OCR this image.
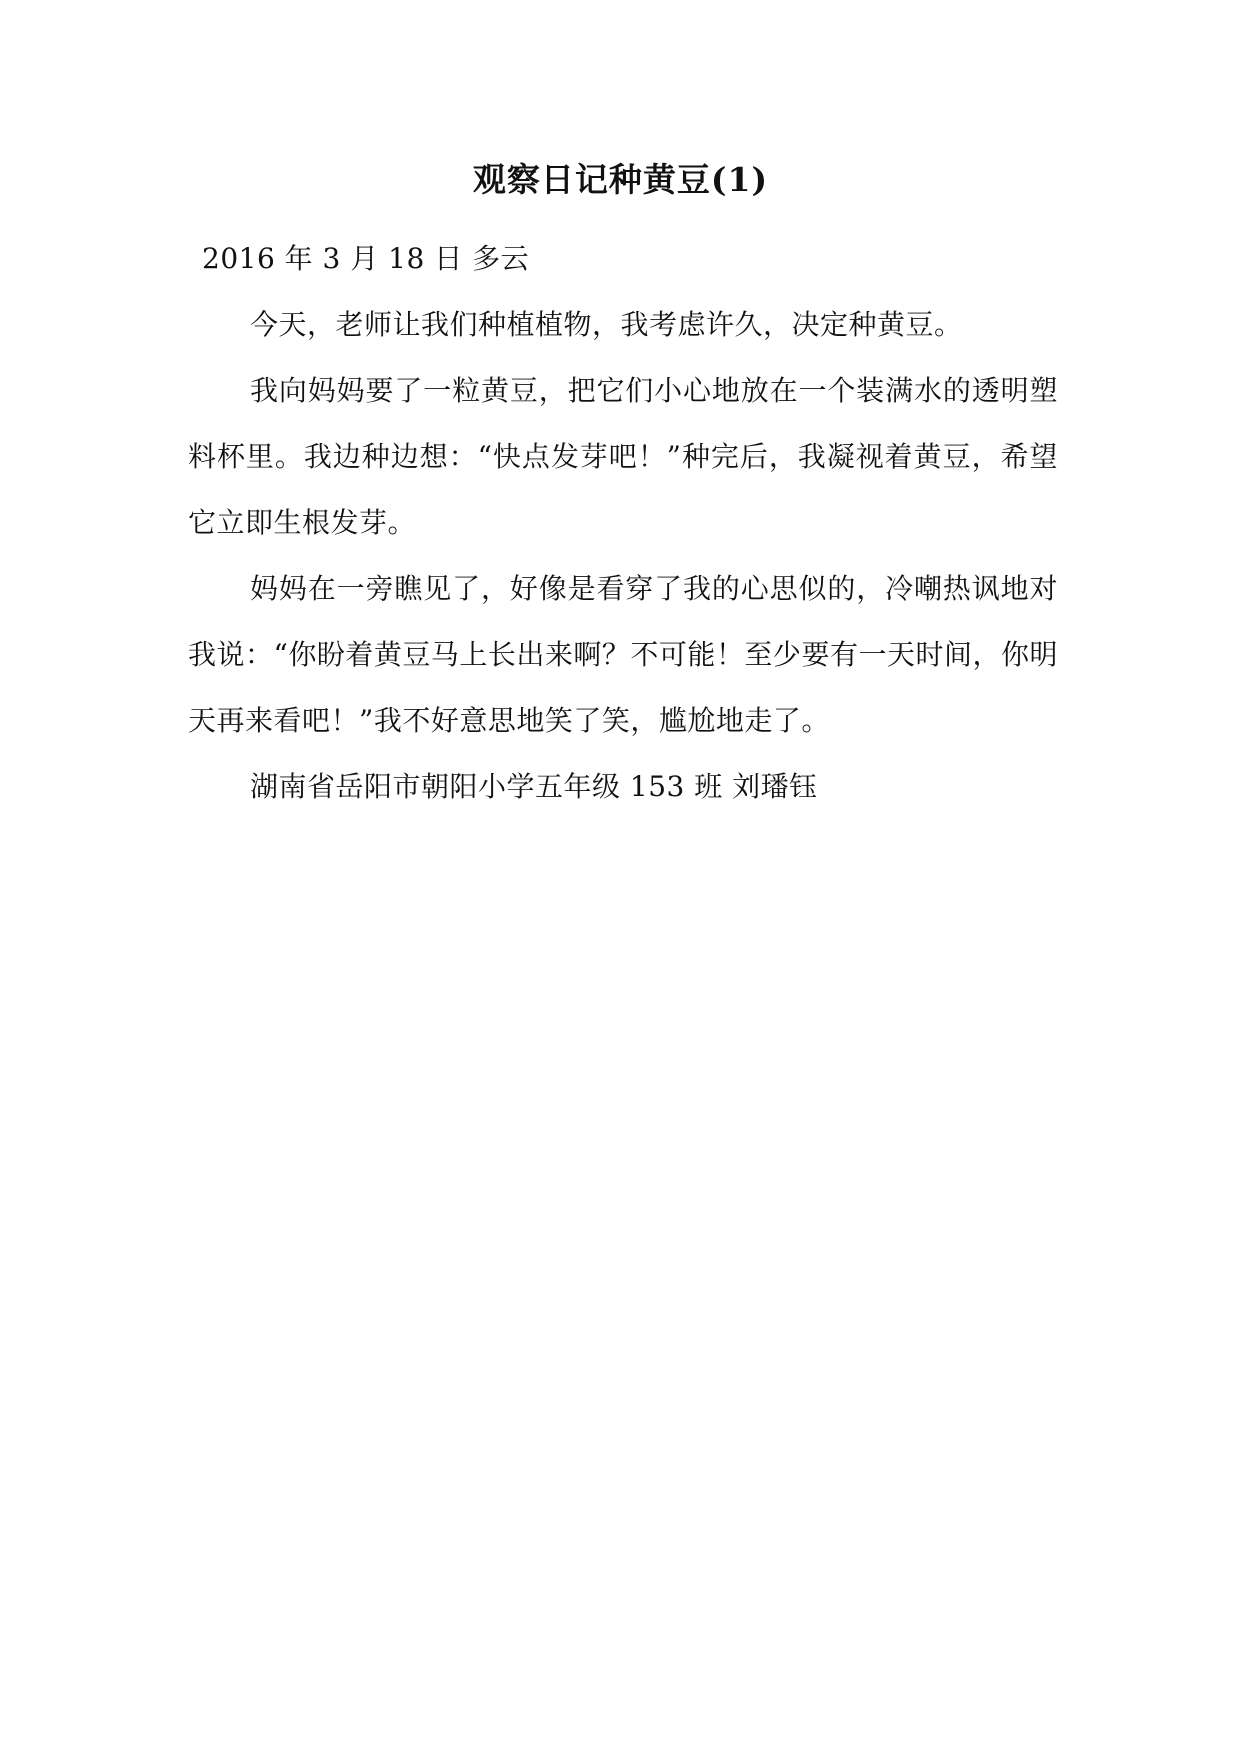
观察日记种黄豆(1)

2016 年 3 月 18 日 多云

今天，老师让我们种植植物，我考虑许久，决定种黄豆。

我向妈妈要了一粒黄豆，把它们小心地放在一个装满水的透明塑料杯里。我边种边想：“快点发芽吧！”种完后，我凝视着黄豆，希望它立即生根发芽。

妈妈在一旁瞧见了，好像是看穿了我的心思似的，冷嘲热讽地对我说：“你盼着黄豆马上长出来啊？不可能！至少要有一天时间，你明天再来看吧！”我不好意思地笑了笑，尴尬地走了。

湖南省岳阳市朝阳小学五年级 153 班 刘璠钰
